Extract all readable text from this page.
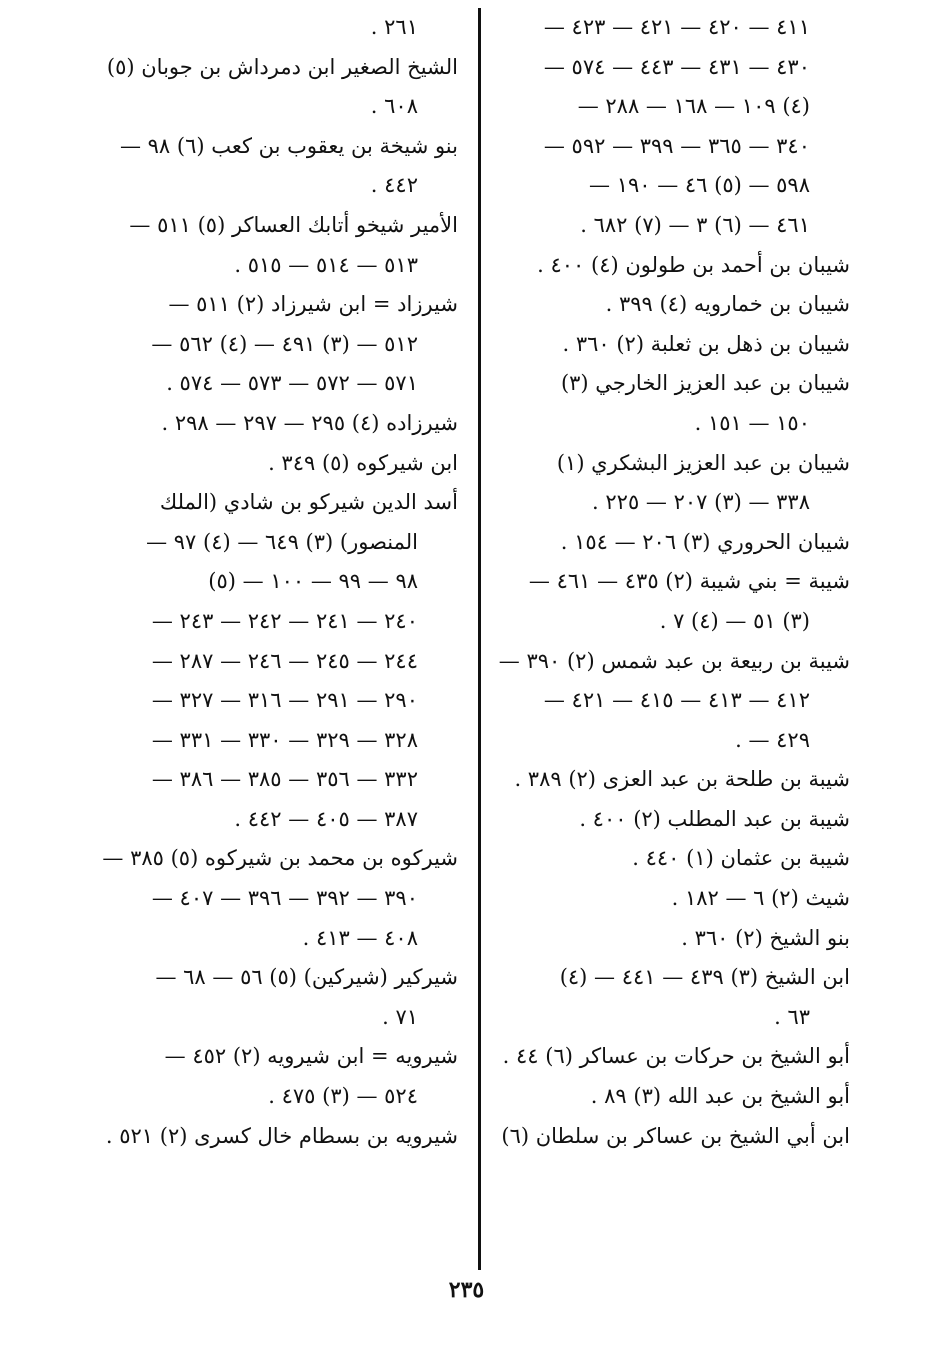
٤١١ — ٤٢٠ — ٤٢١ — ٤٢٣ —
٤٣٠ — ٤٣١ — ٤٤٣ — ٥٧٤ —
(٤) ١٠٩ — ١٦٨ — ٢٨٨ —
٣٤٠ — ٣٦٥ — ٣٩٩ — ٥٩٢ —
٥٩٨ — (٥) ٤٦ — ١٩٠ —
٤٦١ — (٦) ٣ — (٧) ٦٨٢ .
شيبان بن أحمد بن طولون (٤) ٤٠٠ .
شيبان بن خمارويه (٤) ٣٩٩ .
شيبان بن ذهل بن ثعلبة (٢) ٣٦٠ .
شيبان بن عبد العزيز الخارجي (٣)
١٥٠ — ١٥١ .
شيبان بن عبد العزيز البشكري (١)
٣٣٨ — (٣) ٢٠٧ — ٢٢٥ .
شيبان الحروري (٣) ٢٠٦ — ١٥٤ .
شيبة = بني شيبة (٢) ٤٣٥ — ٤٦١ —
(٣) ٥١ — (٤) ٧ .
شيبة بن ربيعة بن عبد شمس (٢) ٣٩٠ —
٤١٢ — ٤١٣ — ٤١٥ — ٤٢١ —
٤٢٩ — .
شيبة بن طلحة بن عبد العزى (٢) ٣٨٩ .
شيبة بن عبد المطلب (٢) ٤٠٠ .
شيبة بن عثمان (١) ٤٤٠ .
شيث (٢) ٦ — ١٨٢ .
بنو الشيخ (٢) ٣٦٠ .
ابن الشيخ (٣) ٤٣٩ — ٤٤١ — (٤)
٦٣ .
أبو الشيخ بن حركات بن عساكر (٦) ٤٤ .
أبو الشيخ بن عبد الله (٣) ٨٩ .
ابن أبي الشيخ بن عساكر بن سلطان (٦)
٢٦١ .
الشيخ الصغير ابن دمرداش بن جوبان (٥)
٦٠٨ .
بنو شيخة بن يعقوب بن كعب (٦) ٩٨ —
٤٤٢ .
الأمير شيخو أتابك العساكر (٥) ٥١١ —
٥١٣ — ٥١٤ — ٥١٥ .
شيرزاد = ابن شيرزاد (٢) ٥١١ —
٥١٢ — (٣) ٤٩١ — (٤) ٥٦٢ —
٥٧١ — ٥٧٢ — ٥٧٣ — ٥٧٤ .
شيرزاده (٤) ٢٩٥ — ٢٩٧ — ٢٩٨ .
ابن شيركوه (٥) ٣٤٩ .
أسد الدين شيركو بن شادي (الملك
المنصور) (٣) ٦٤٩ — (٤) ٩٧ —
٩٨ — ٩٩ — ١٠٠ — (٥)
٢٤٠ — ٢٤١ — ٢٤٢ — ٢٤٣ —
٢٤٤ — ٢٤٥ — ٢٤٦ — ٢٨٧ —
٢٩٠ — ٢٩١ — ٣١٦ — ٣٢٧ —
٣٢٨ — ٣٢٩ — ٣٣٠ — ٣٣١ —
٣٣٢ — ٣٥٦ — ٣٨٥ — ٣٨٦ —
٣٨٧ — ٤٠٥ — ٤٤٢ .
شيركوه بن محمد بن شيركوه (٥) ٣٨٥ —
٣٩٠ — ٣٩٢ — ٣٩٦ — ٤٠٧ —
٤٠٨ — ٤١٣ .
شيركير (شيركين) (٥) ٥٦ — ٦٨ —
٧١ .
شيرويه = ابن شيرويه (٢) ٤٥٢ —
٥٢٤ — (٣) ٤٧٥ .
شيرويه بن بسطام خال كسرى (٢) ٥٢١ .
٢٣٥
